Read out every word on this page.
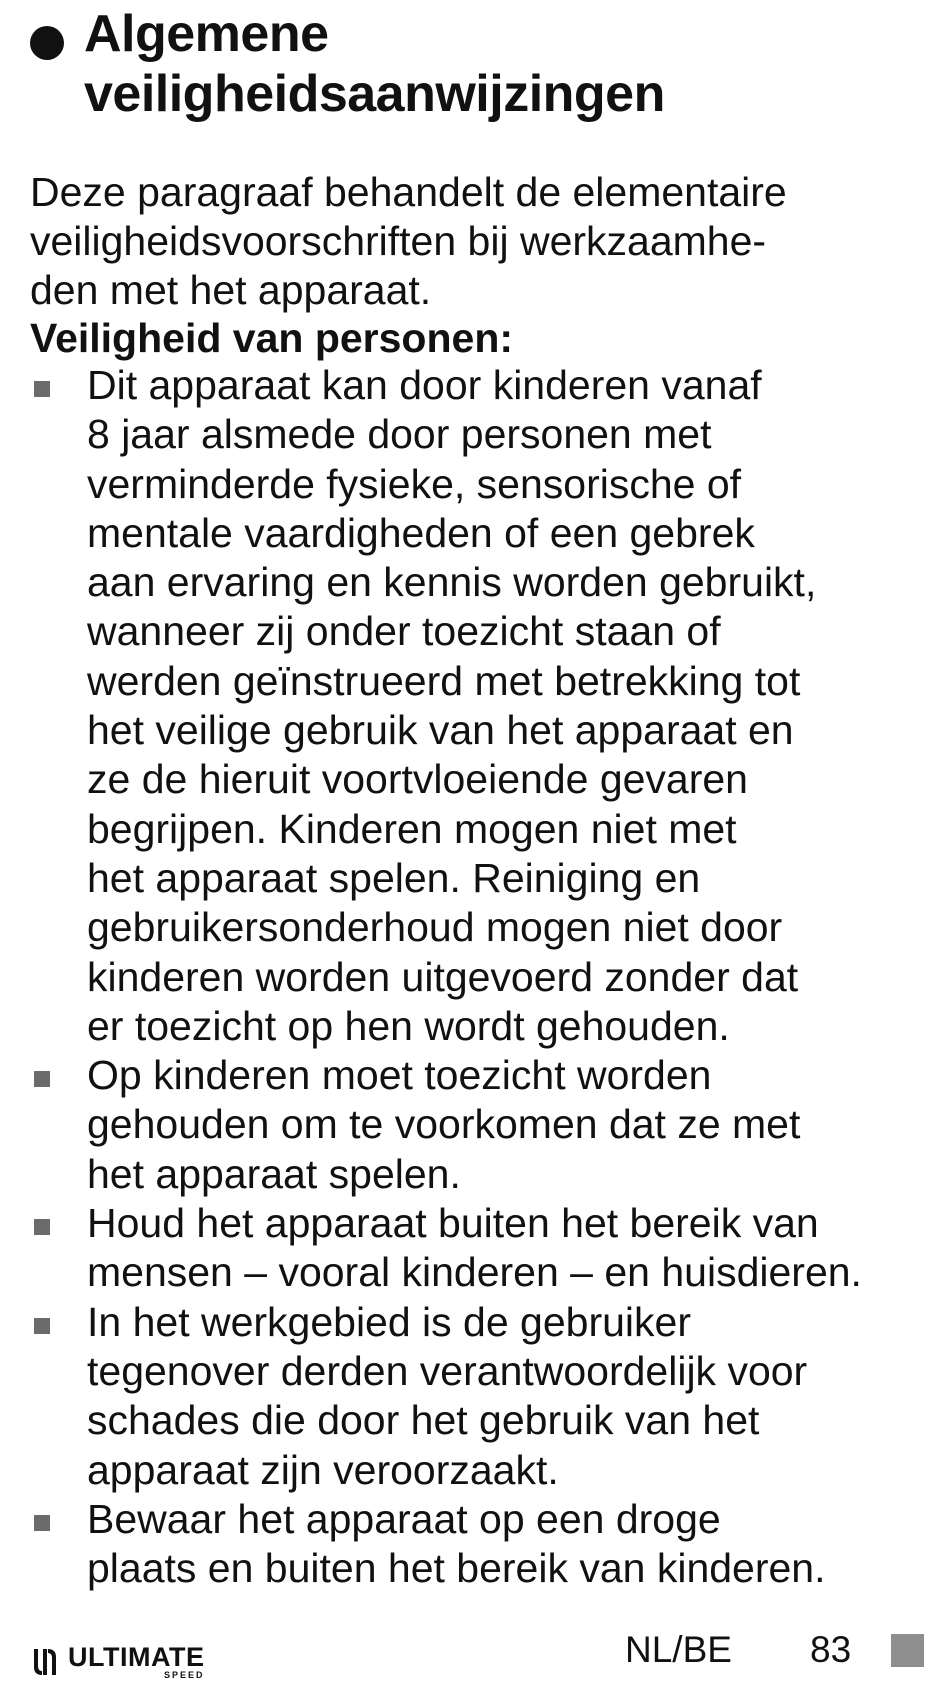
Algemene
veiligheidsaanwijzingen
Deze paragraaf behandelt de elementaire
veiligheidsvoorschriften bij werkzaamhe-
den met het apparaat.
Veiligheid van personen:
Dit apparaat kan door kinderen vanaf
8 jaar alsmede door personen met
verminderde fysieke, sensorische of
mentale vaardigheden of een gebrek
aan ervaring en kennis worden gebruikt,
wanneer zij onder toezicht staan of
werden geïnstrueerd met betrekking tot
het veilige gebruik van het apparaat en
ze de hieruit voortvloeiende gevaren
begrijpen. Kinderen mogen niet met
het apparaat spelen. Reiniging en
gebruikersonderhoud mogen niet door
kinderen worden uitgevoerd zonder dat
er toezicht op hen wordt gehouden.
Op kinderen moet toezicht worden
gehouden om te voorkomen dat ze met
het apparaat spelen.
Houd het apparaat buiten het bereik van
mensen – vooral kinderen – en huisdieren.
In het werkgebied is de gebruiker
tegenover derden verantwoordelijk voor
schades die door het gebruik van het
apparaat zijn veroorzaakt.
Bewaar het apparaat op een droge
plaats en buiten het bereik van kinderen.
ULTIMATE
SPEED
NL/BE 83
